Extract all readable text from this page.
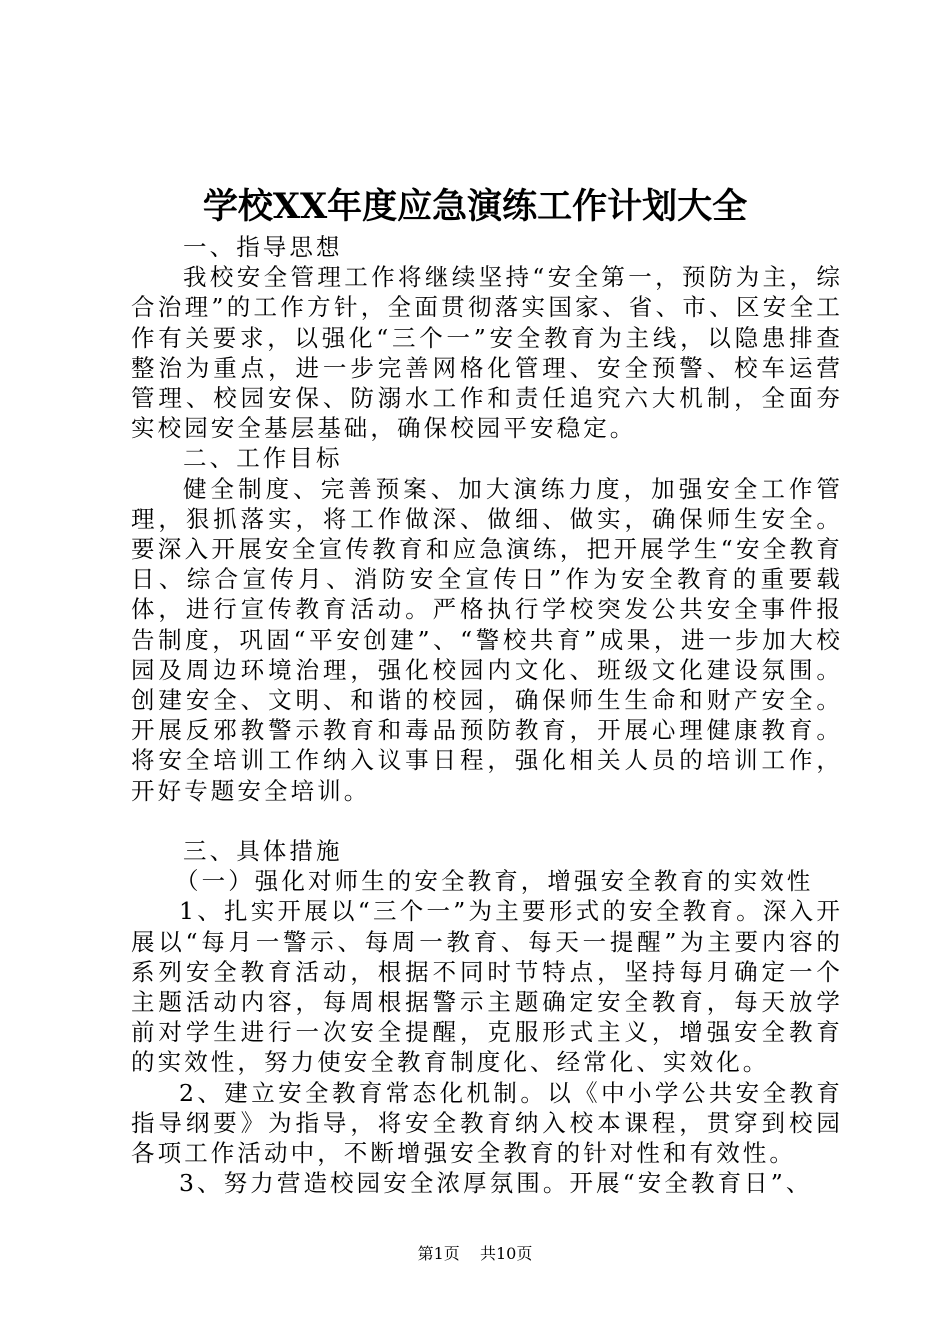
学校XX年度应急演练工作计划大全

一、指导思想

我校安全管理工作将继续坚持“安全第一，预防为主，综合治理”的工作方针，全面贯彻落实国家、省、市、区安全工作有关要求，以强化“三个一”安全教育为主线，以隐患排查整治为重点，进一步完善网格化管理、安全预警、校车运营管理、校园安保、防溺水工作和责任追究六大机制，全面夯实校园安全基层基础，确保校园平安稳定。

二、工作目标

健全制度、完善预案、加大演练力度，加强安全工作管理，狠抓落实，将工作做深、做细、做实，确保师生安全。要深入开展安全宣传教育和应急演练，把开展学生“安全教育日、综合宣传月、消防安全宣传日”作为安全教育的重要载体，进行宣传教育活动。严格执行学校突发公共安全事件报告制度，巩固“平安创建”、“警校共育”成果，进一步加大校园及周边环境治理，强化校园内文化、班级文化建设氛围。创建安全、文明、和谐的校园，确保师生生命和财产安全。开展反邪教警示教育和毒品预防教育，开展心理健康教育。将安全培训工作纳入议事日程，强化相关人员的培训工作，开好专题安全培训。

三、具体措施

（一）强化对师生的安全教育，增强安全教育的实效性

1、扎实开展以“三个一”为主要形式的安全教育。深入开展以“每月一警示、每周一教育、每天一提醒”为主要内容的系列安全教育活动，根据不同时节特点，坚持每月确定一个主题活动内容，每周根据警示主题确定安全教育，每天放学前对学生进行一次安全提醒，克服形式主义，增强安全教育的实效性，努力使安全教育制度化、经常化、实效化。

2、建立安全教育常态化机制。以《中小学公共安全教育指导纲要》为指导，将安全教育纳入校本课程，贯穿到校园各项工作活动中，不断增强安全教育的针对性和有效性。

3、努力营造校园安全浓厚氛围。开展“安全教育日”、

第1页 共10页
